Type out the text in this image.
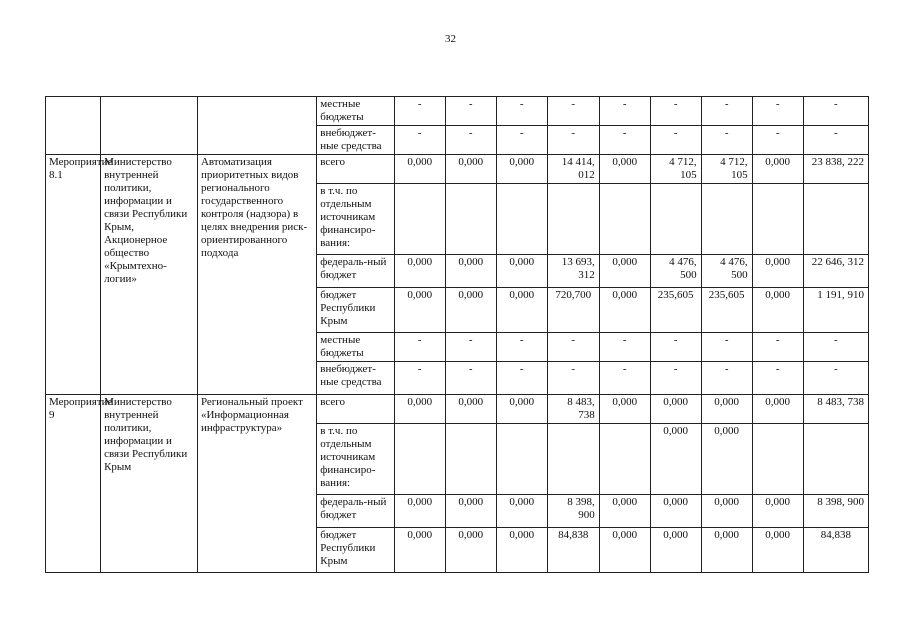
32
			местные бюджеты	-	-	-	-	-	-	-	-	-
			внебюджет-ные средства	-	-	-	-	-	-	-	-	-
Мероприятие 8.1	Министерство внутренней политики, информации и связи Республики Крым, Акционерное общество «Крымтехно-логии»	Автоматизация приоритетных видов регионального государственного контроля (надзора) в целях внедрения риск-ориентированного подхода	всего	0,000	0,000	0,000	14 414, 012	0,000	4 712, 105	4 712, 105	0,000	23 838, 222
			в т.ч. по отдельным источникам финансиро-вания:									
			федераль-ный бюджет	0,000	0,000	0,000	13 693, 312	0,000	4 476, 500	4 476, 500	0,000	22 646, 312
			бюджет Республики Крым	0,000	0,000	0,000	720,700	0,000	235,605	235,605	0,000	1 191, 910
			местные бюджеты	-	-	-	-	-	-	-	-	-
			внебюджет-ные средства	-	-	-	-	-	-	-	-	-
Мероприятие 9	Министерство внутренней политики, информации и связи Республики Крым	Региональный проект «Информационная инфраструктура»	всего	0,000	0,000	0,000	8 483, 738	0,000	0,000	0,000	0,000	8 483, 738
			в т.ч. по отдельным источникам финансиро-вания:						0,000	0,000		
			федераль-ный бюджет	0,000	0,000	0,000	8 398, 900	0,000	0,000	0,000	0,000	8 398, 900
			бюджет Республики Крым	0,000	0,000	0,000	84,838	0,000	0,000	0,000	0,000	84,838
